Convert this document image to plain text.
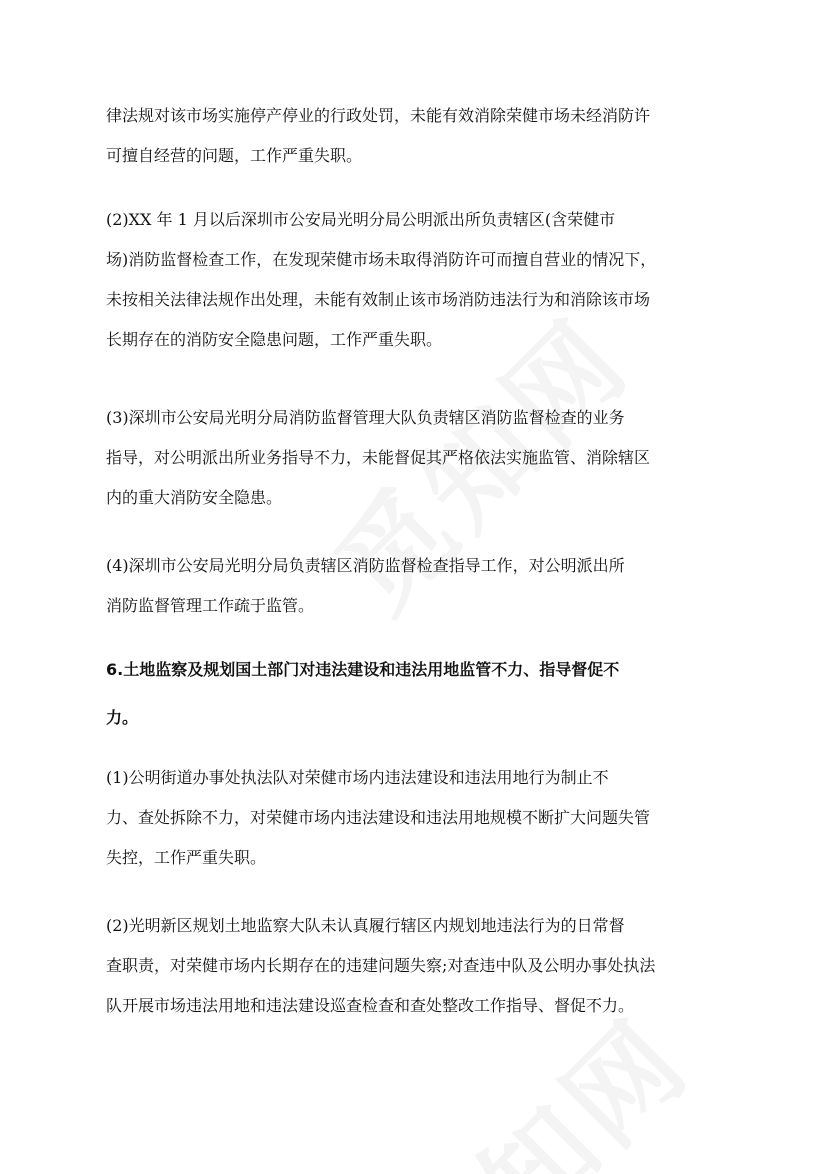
律法规对该市场实施停产停业的行政处罚，未能有效消除荣健市场未经消防许
可擅自经营的问题，工作严重失职。

(2)XX 年 1 月以后深圳市公安局光明分局公明派出所负责辖区(含荣健市
场)消防监督检查工作，在发现荣健市场未取得消防许可而擅自营业的情况下，
未按相关法律法规作出处理，未能有效制止该市场消防违法行为和消除该市场
长期存在的消防安全隐患问题，工作严重失职。

(3)深圳市公安局光明分局消防监督管理大队负责辖区消防监督检查的业务
指导，对公明派出所业务指导不力，未能督促其严格依法实施监管、消除辖区
内的重大消防安全隐患。

(4)深圳市公安局光明分局负责辖区消防监督检查指导工作，对公明派出所
消防监督管理工作疏于监管。

6.土地监察及规划国土部门对违法建设和违法用地监管不力、指导督促不
力。

(1)公明街道办事处执法队对荣健市场内违法建设和违法用地行为制止不
力、查处拆除不力，对荣健市场内违法建设和违法用地规模不断扩大问题失管
失控，工作严重失职。

(2)光明新区规划土地监察大队未认真履行辖区内规划地违法行为的日常督
查职责，对荣健市场内长期存在的违建问题失察;对查违中队及公明办事处执法
队开展市场违法用地和违法建设巡查检查和查处整改工作指导、督促不力。
